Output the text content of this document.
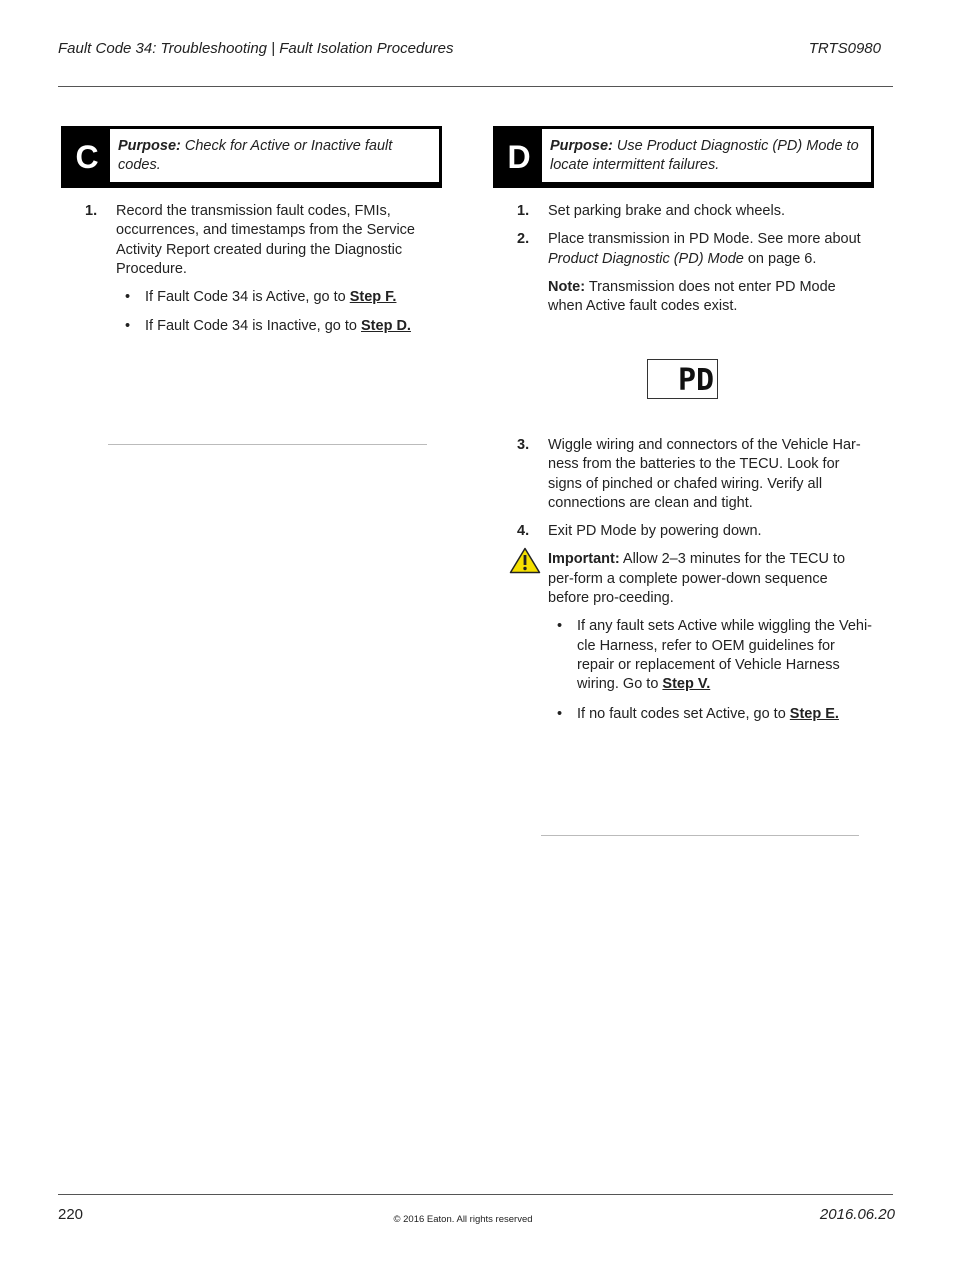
Fault Code 34: Troubleshooting | Fault Isolation Procedures	TRTS0980
C	Purpose: Check for Active or Inactive fault codes.
1. Record the transmission fault codes, FMIs, occurrences, and timestamps from the Service Activity Report created during the Diagnostic Procedure.
• If Fault Code 34 is Active, go to Step F.
• If Fault Code 34 is Inactive, go to Step D.
D	Purpose: Use Product Diagnostic (PD) Mode to locate intermittent failures.
1. Set parking brake and chock wheels.
2. Place transmission in PD Mode. See more about Product Diagnostic (PD) Mode on page 6.
Note: Transmission does not enter PD Mode when Active fault codes exist.
PD
3. Wiggle wiring and connectors of the Vehicle Har-ness from the batteries to the TECU. Look for signs of pinched or chafed wiring. Verify all connections are clean and tight.
4. Exit PD Mode by powering down.
Important: Allow 2–3 minutes for the TECU to per-form a complete power-down sequence before pro-ceeding.
• If any fault sets Active while wiggling the Vehi-cle Harness, refer to OEM guidelines for repair or replacement of Vehicle Harness wiring. Go to Step V.
• If no fault codes set Active, go to Step E.
220	© 2016 Eaton. All rights reserved	2016.06.20
